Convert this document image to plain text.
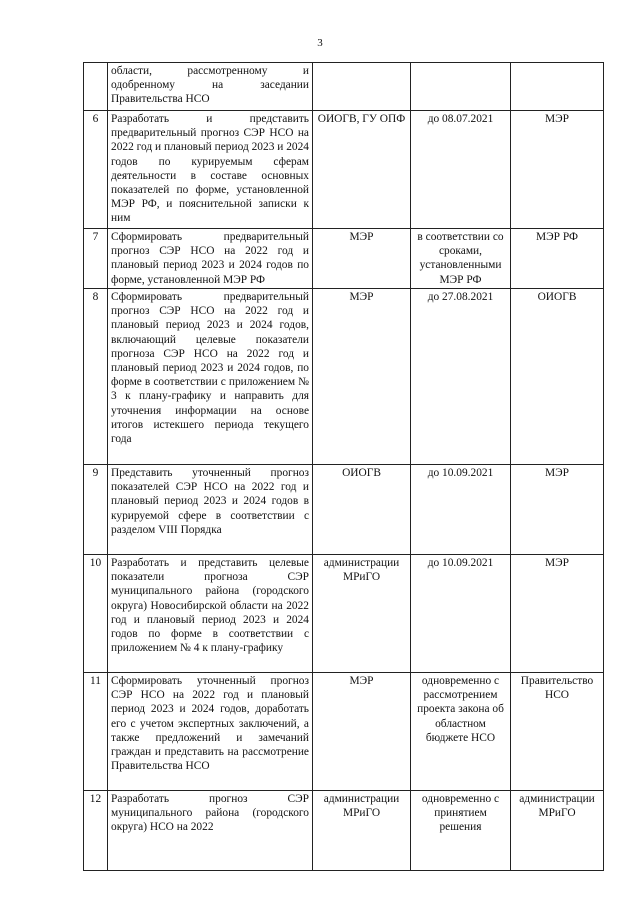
3
	области, рассмотренному и одобренному на заседании Правительства НСО			
6	Разработать и представить предварительный прогноз СЭР НСО на 2022 год и плановый период 2023 и 2024 годов по курируемым сферам деятельности в составе основных показателей по форме, установленной МЭР РФ, и пояснительной записки к ним	ОИОГВ, ГУ ОПФ	до 08.07.2021	МЭР
7	Сформировать предварительный прогноз СЭР НСО на 2022 год и плановый период 2023 и 2024 годов по форме, установленной МЭР РФ	МЭР	в соответствии со сроками, установленными МЭР РФ	МЭР РФ
8	Сформировать предварительный прогноз СЭР НСО на 2022 год и плановый период 2023 и 2024 годов, включающий целевые показатели прогноза СЭР НСО на 2022 год и плановый период 2023 и 2024 годов, по форме в соответствии с приложением № 3 к плану-графику и направить для уточнения информации на основе итогов истекшего периода текущего года	МЭР	до 27.08.2021	ОИОГВ
9	Представить уточненный прогноз показателей СЭР НСО на 2022 год и плановый период 2023 и 2024 годов в курируемой сфере в соответствии с разделом VIII Порядка	ОИОГВ	до 10.09.2021	МЭР
10	Разработать и представить целевые показатели прогноза СЭР муниципального района (городского округа) Новосибирской области на 2022 год и плановый период 2023 и 2024 годов по форме в соответствии с приложением № 4 к плану-графику	администрации МРиГО	до 10.09.2021	МЭР
11	Сформировать уточненный прогноз СЭР НСО на 2022 год и плановый период 2023 и 2024 годов, доработать его с учетом экспертных заключений, а также предложений и замечаний граждан и представить на рассмотрение Правительства НСО	МЭР	одновременно с рассмотрением проекта закона об областном бюджете НСО	Правительство НСО
12	Разработать прогноз СЭР муниципального района (городского округа) НСО на 2022	администрации МРиГО	одновременно с принятием решения	администрации МРиГО
